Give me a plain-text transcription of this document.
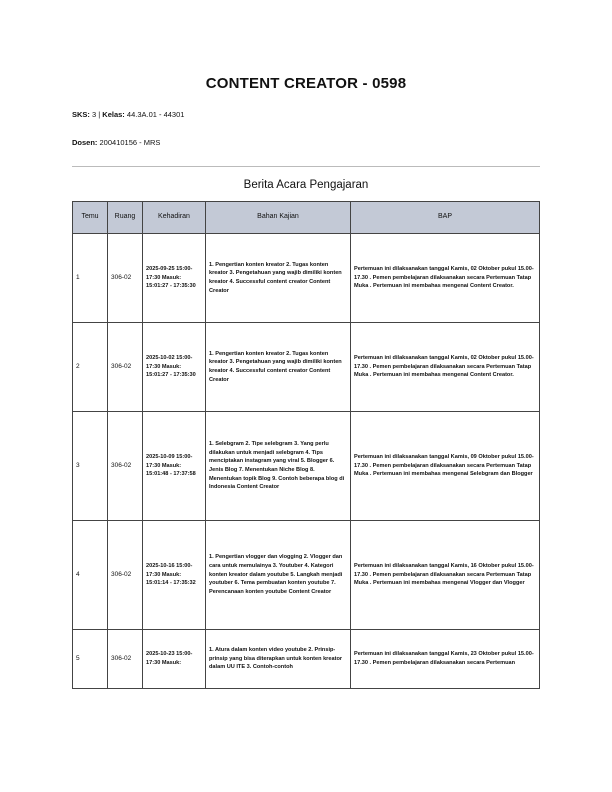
CONTENT CREATOR - 0598
SKS: 3 | Kelas: 44.3A.01 - 44301
Dosen: 200410156 - MRS
Berita Acara Pengajaran
Temu	Ruang	Kehadiran	Bahan Kajian	BAP
1	306-02	2025-09-25 15:00-17:30 Masuk: 15:01:27 - 17:35:30	1. Pengertian konten kreator 2. Tugas konten kreator 3. Pengetahuan yang wajib dimiliki konten kreator 4. Successful content creator Content Creator	Pertemuan ini dilaksanakan tanggal Kamis, 02 Oktober pukul 15.00-17.30 . Pemen pembelajaran dilaksanakan secara Pertemuan Tatap Muka . Pertemuan ini membahas mengenai Content Creator.
2	306-02	2025-10-02 15:00-17:30 Masuk: 15:01:27 - 17:35:30	1. Pengertian konten kreator 2. Tugas konten kreator 3. Pengetahuan yang wajib dimiliki konten kreator 4. Successful content creator Content Creator	Pertemuan ini dilaksanakan tanggal Kamis, 02 Oktober pukul 15.00-17.30 . Pemen pembelajaran dilaksanakan secara Pertemuan Tatap Muka . Pertemuan ini membahas mengenai Content Creator.
3	306-02	2025-10-09 15:00-17:30 Masuk: 15:01:48 - 17:37:58	1. Selebgram 2. Tipe selebgram 3. Yang perlu dilakukan untuk menjadi selebgram 4. Tips menciptakan instagram yang viral 5. Blogger 6. Jenis Blog 7. Menentukan Niche Blog 8. Menentukan topik Blog 9. Contoh beberapa blog di Indonesia Content Creator	Pertemuan ini dilaksanakan tanggal Kamis, 09 Oktober pukul 15.00-17.30 . Pemen pembelajaran dilaksanakan secara Pertemuan Tatap Muka . Pertemuan ini membahas mengenai Selebgram dan Blogger
4	306-02	2025-10-16 15:00-17:30 Masuk: 15:01:14 - 17:35:32	1. Pengertian vlogger dan vlogging 2. Vlogger dan cara untuk memulainya 3. Youtuber 4. Kategori konten kreator dalam youtube 5. Langkah menjadi youtuber 6. Tema pembuatan konten youtube 7. Perencanaan konten youtube Content Creator	Pertemuan ini dilaksanakan tanggal Kamis, 16 Oktober pukul 15.00-17.30 . Pemen pembelajaran dilaksanakan secara Pertemuan Tatap Muka . Pertemuan ini membahas mengenai Vlogger dan Vlogger
5	306-02	2025-10-23 15:00-17:30 Masuk:	1. Atura dalam konten video youtube 2. Prinsip-prinsip yang bisa diterapkan untuk konten kreator dalam UU ITE 3. Contoh-contoh	Pertemuan ini dilaksanakan tanggal Kamis, 23 Oktober pukul 15.00-17.30 . Pemen pembelajaran dilaksanakan secara Pertemuan
